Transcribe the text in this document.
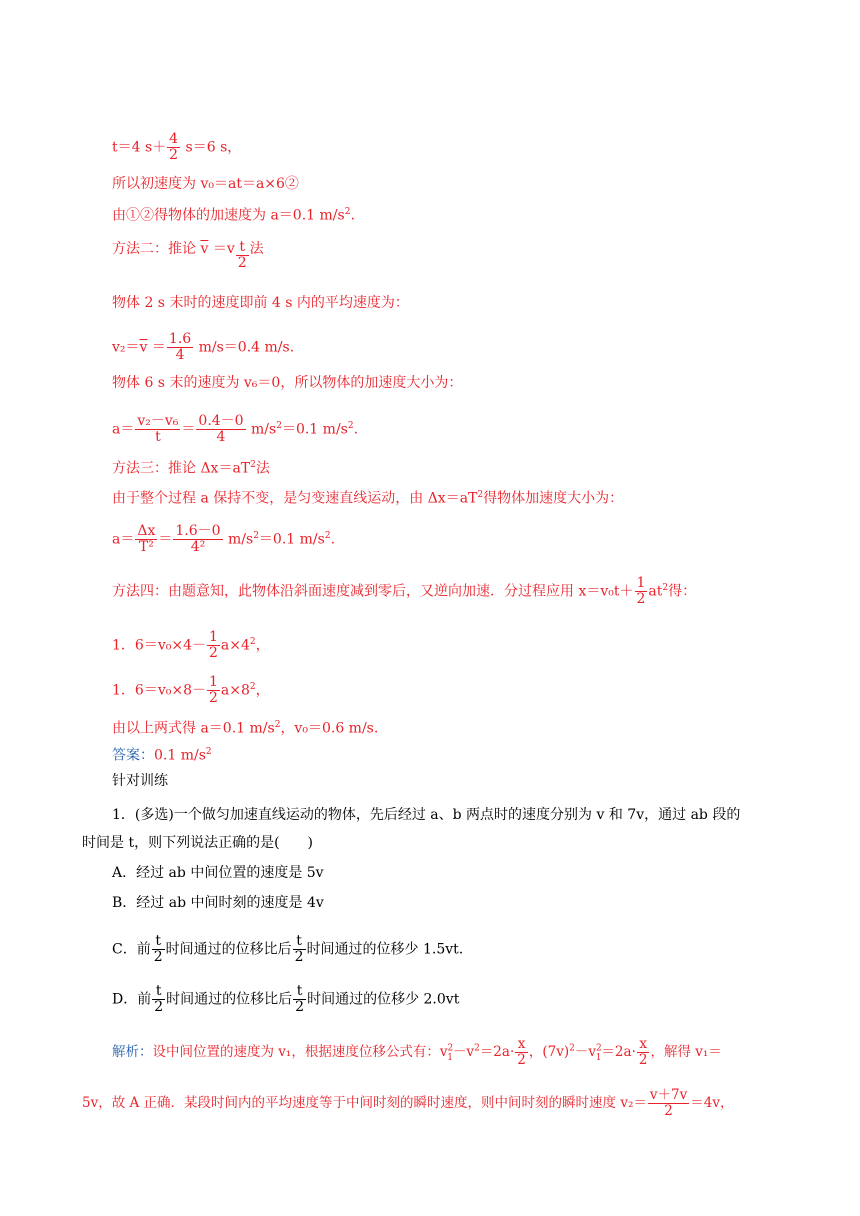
t＝4 $s+ \frac{4}{2} s=6$ s，
所以初速度为 v₀＝at＝a×6②
由①②得物体的加速度为 a＝0.1 $m/s^2$.
方法二：推论 $\overline{v} =v \frac{t}{2}$ 法
物体 2 s 末时的速度即前 4 s 内的平均速度为：
$v_2=\overline{v} = \frac{1.6}{4} m/s=0.4$ m/s.
物体 6 s 末的速度为 v₆＝0，所以物体的加速度大小为：
$a= \frac{\text{v₂－v₆}}{t} = \frac{0.4-0}{4} m/s^2=0.1$ $m/s^2$.
方法三：推论 $\Delta x=aT^2$法
由于整个过程 a 保持不变，是匀变速直线运动，由 $\Delta x=aT^2$得物体加速度大小为：
$a= \frac{\Delta x}{\text{T²}} = \frac{1.6-0}{\text{4²}} m/s^2=0.1$ $m/s^2$.
方法四：由题意知，此物体沿斜面速度减到零后，又逆向加速．分过程应用 $x=v_0t+ \frac{1}{2} at^2$得：
1．$6=v_0\times 4- \frac{1}{2} a\times 4^2$，
1．$6=v_0\times 8- \frac{1}{2} a\times 8^2$，
由以上两式得 a＝0.1 $m/s^2$，v₀＝0.6 m/s.
答案：0.1 $m/s^2$
针对训练
1．(多选)一个做匀加速直线运动的物体，先后经过 a、b 两点时的速度分别为 v 和 7v，通过 ab 段的
时间是 t，则下列说法正确的是(　　)
A．经过 ab 中间位置的速度是 5v
B．经过 ab 中间时刻的速度是 4v
C．前 $\frac{t}{2}$ 时间通过的位移比后 $\frac{t}{2}$ 时间通过的位移少 1.5vt.
D．前 $\frac{t}{2}$ 时间通过的位移比后 $\frac{t}{2}$ 时间通过的位移少 2.0vt
解析：设中间位置的速度为 v₁，根据速度位移公式有：$v^2_1-v^2=2a\cdot \frac{x}{2}$ ，$(7v)^2-v^2_1=2a\cdot \frac{x}{2}$ ，解得 v₁＝
5v，故 A 正确．某段时间内的平均速度等于中间时刻的瞬时速度，则中间时刻的瞬时速度 $v_2= \frac{v+7v}{2} =4v$，
